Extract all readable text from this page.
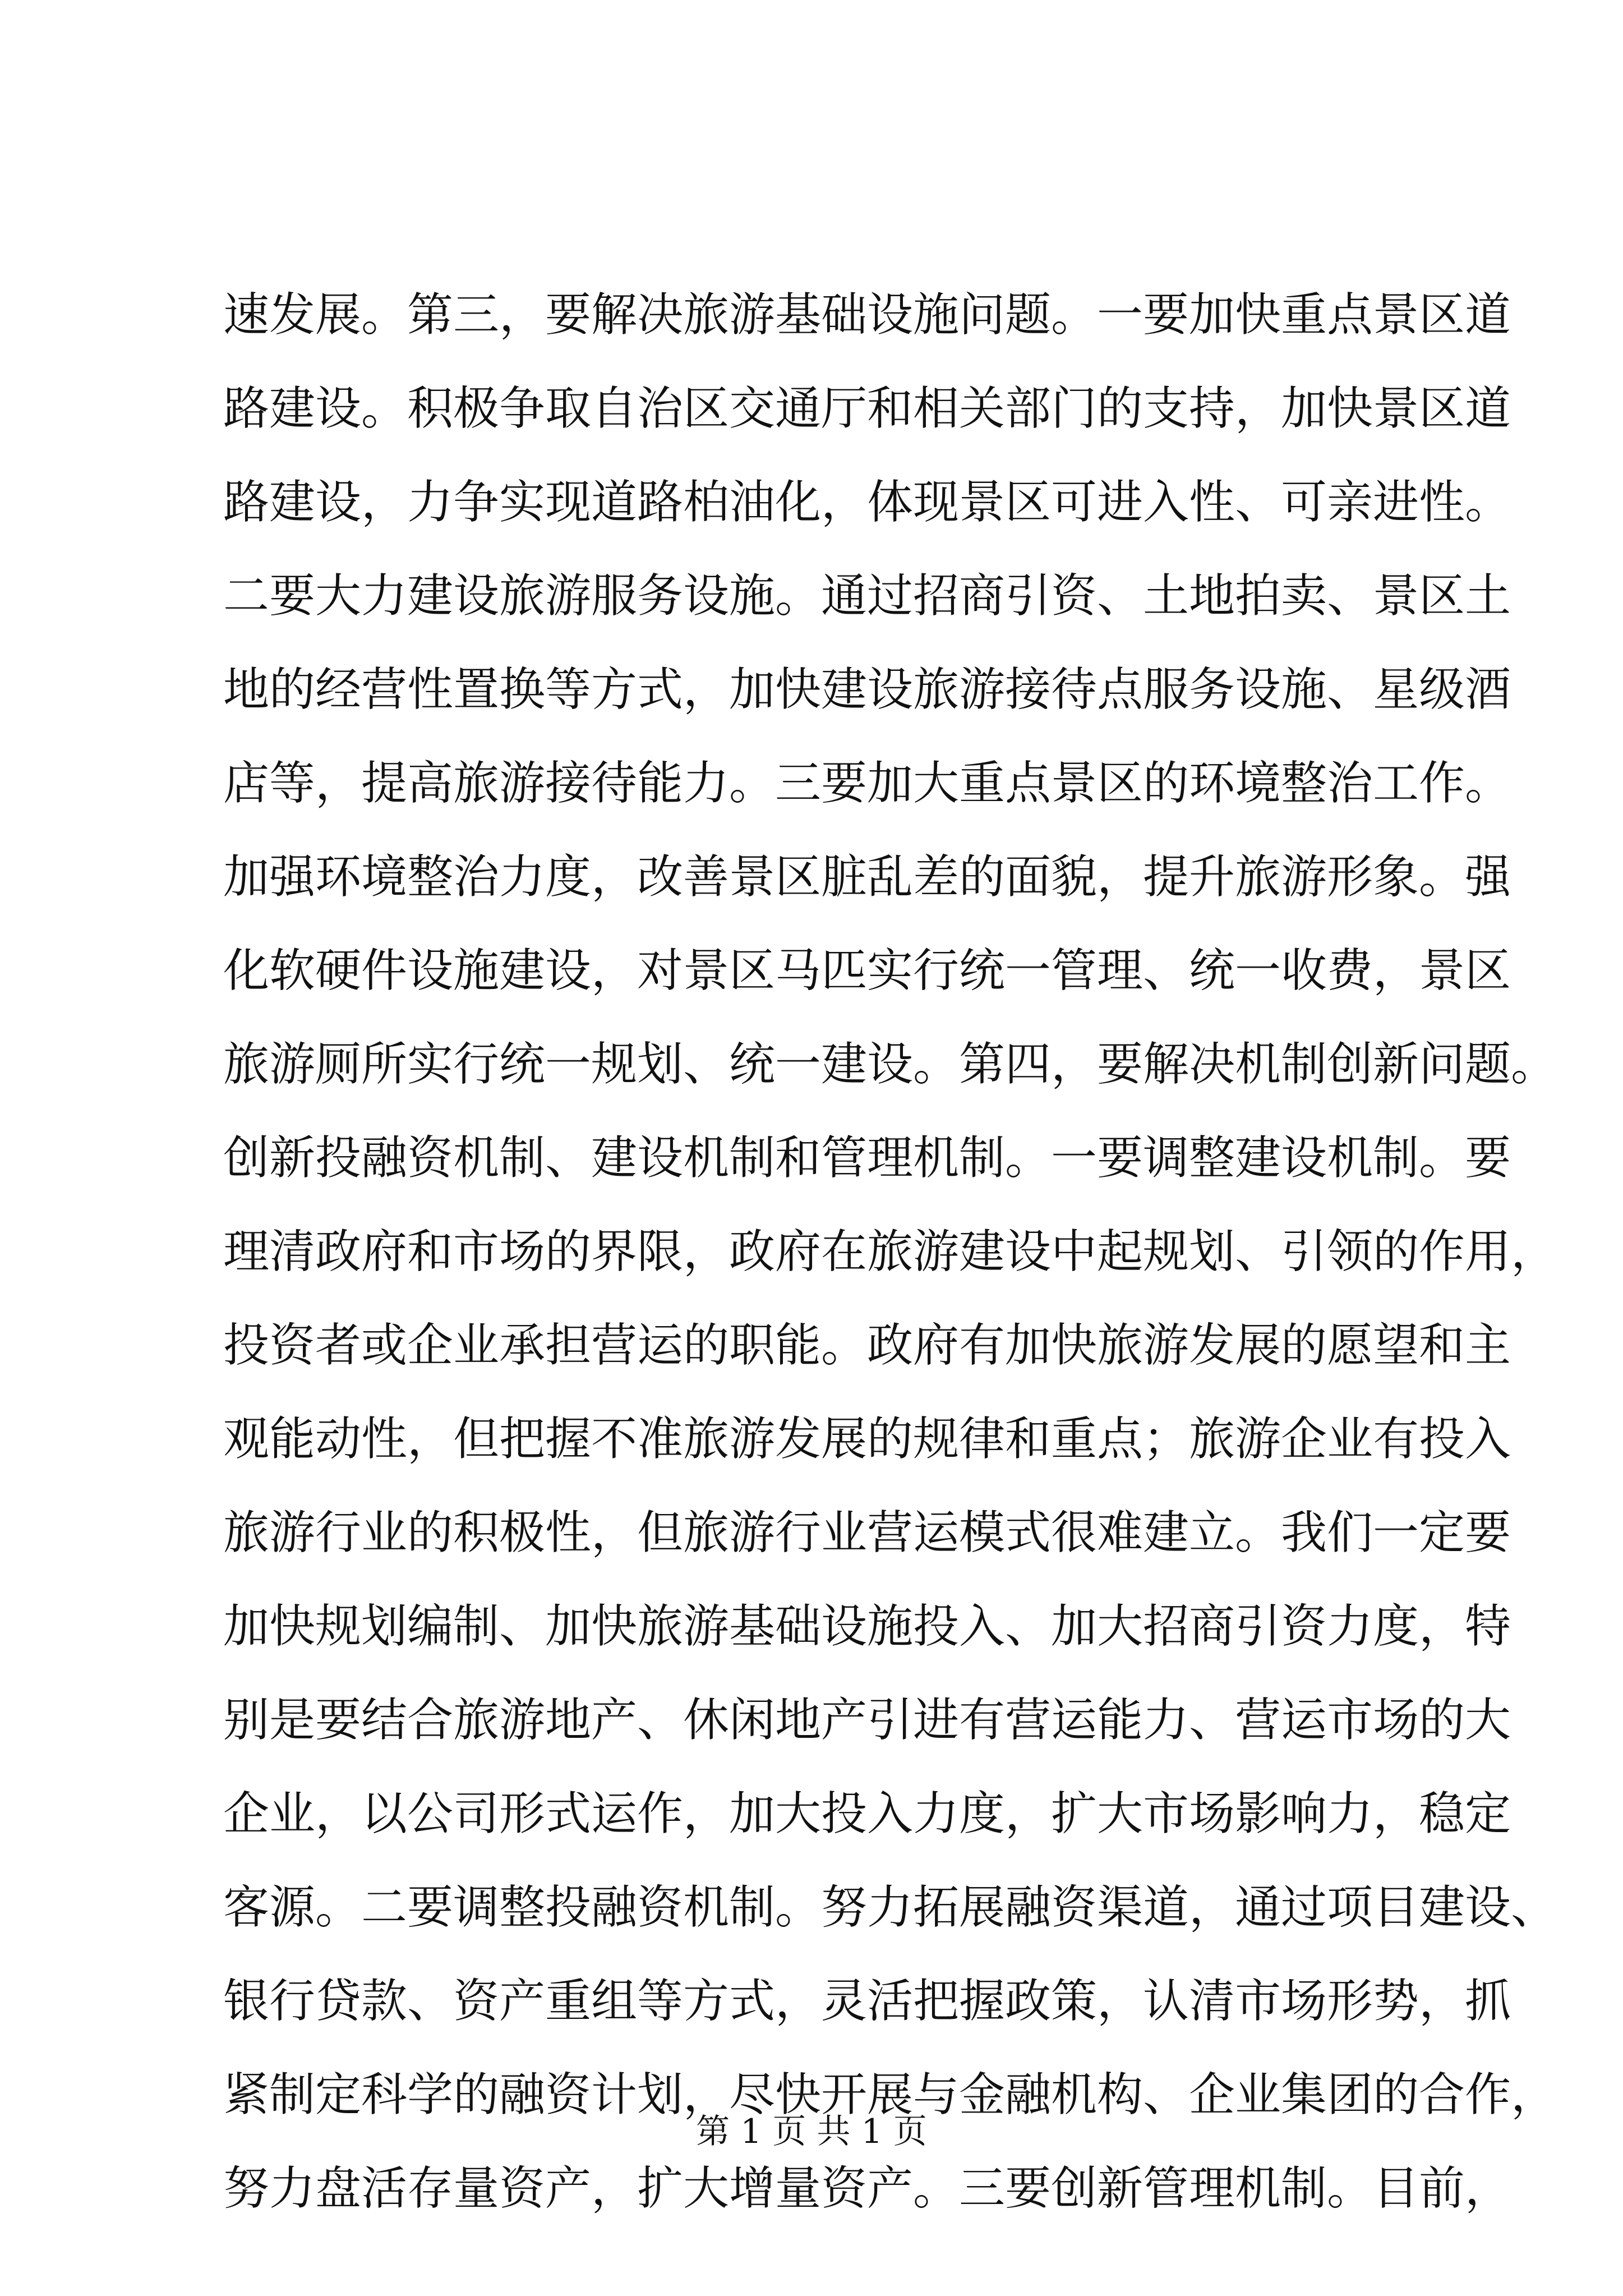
速发展。第三，要解决旅游基础设施问题。一要加快重点景区道
路建设。积极争取自治区交通厅和相关部门的支持，加快景区道
路建设，力争实现道路柏油化，体现景区可进入性、可亲进性。
二要大力建设旅游服务设施。通过招商引资、土地拍卖、景区土
地的经营性置换等方式，加快建设旅游接待点服务设施、星级酒
店等，提高旅游接待能力。三要加大重点景区的环境整治工作。
加强环境整治力度，改善景区脏乱差的面貌，提升旅游形象。强
化软硬件设施建设，对景区马匹实行统一管理、统一收费，景区
旅游厕所实行统一规划、统一建设。第四，要解决机制创新问题。
创新投融资机制、建设机制和管理机制。一要调整建设机制。要
理清政府和市场的界限，政府在旅游建设中起规划、引领的作用，
投资者或企业承担营运的职能。政府有加快旅游发展的愿望和主
观能动性，但把握不准旅游发展的规律和重点；旅游企业有投入
旅游行业的积极性，但旅游行业营运模式很难建立。我们一定要
加快规划编制、加快旅游基础设施投入、加大招商引资力度，特
别是要结合旅游地产、休闲地产引进有营运能力、营运市场的大
企业，以公司形式运作，加大投入力度，扩大市场影响力，稳定
客源。二要调整投融资机制。努力拓展融资渠道，通过项目建设、
银行贷款、资产重组等方式，灵活把握政策，认清市场形势，抓
紧制定科学的融资计划，尽快开展与金融机构、企业集团的合作，
努力盘活存量资产，扩大增量资产。三要创新管理机制。目前，
第 1 页 共 1 页
